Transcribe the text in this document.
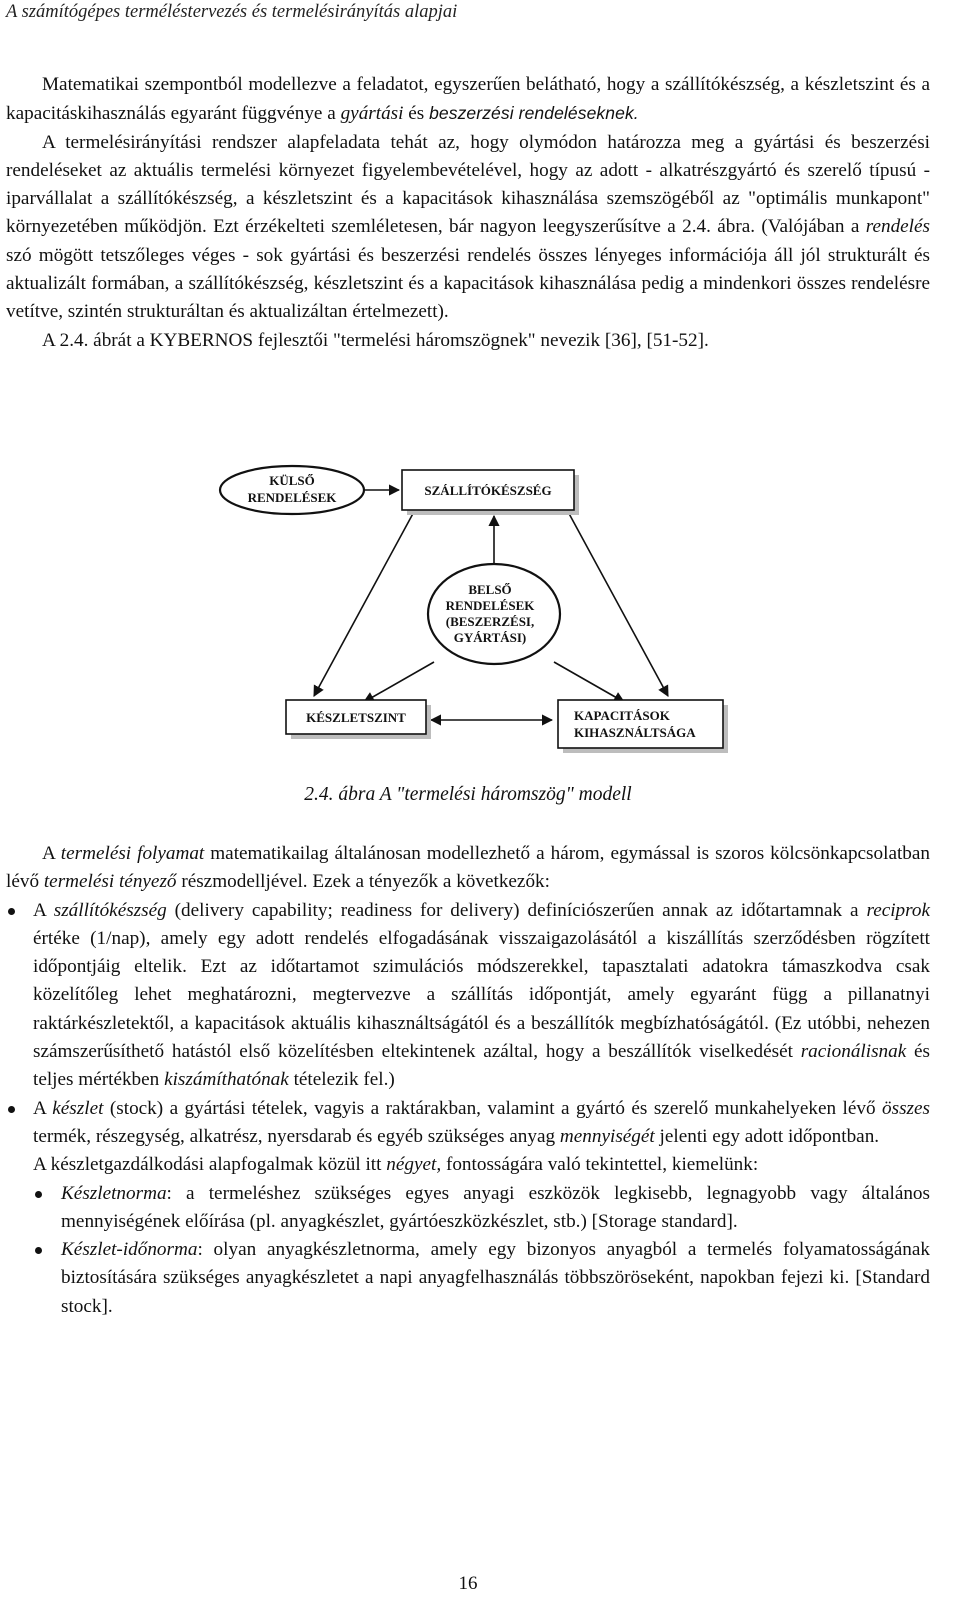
A számítógépes terméléstervezés és termelésirányítás alapjai

Matematikai szempontból modellezve a feladatot, egyszerűen belátható, hogy a szállítókészség, a készletszint és a kapacitáskihasználás egyaránt függvénye a gyártási és beszerzési rendeléseknek.

A termelésirányítási rendszer alapfeladata tehát az, hogy olymódon határozza meg a gyártási és beszerzési rendeléseket az aktuális termelési környezet figyelembevételével, hogy az adott - alkatrészgyártó és szerelő típusú - iparvállalat a szállítókészség, a készletszint és a kapacitások kihasználása szemszögéből az "optimális munkapont" környezetében működjön. Ezt érzékelteti szemléletesen, bár nagyon leegyszerűsítve a 2.4. ábra. (Valójában a rendelés szó mögött tetszőleges véges - sok gyártási és beszerzési rendelés összes lényeges információja áll jól strukturált és aktualizált formában, a szállítókészség, készletszint és a kapacitások kihasználása pedig a mindenkori összes rendelésre vetítve, szintén strukturáltan és aktualizáltan értelmezett).

A 2.4. ábrát a KYBERNOS fejlesztői "termelési háromszögnek" nevezik [36], [51-52].

KÜLSŐ
RENDELÉSEK	SZÁLLÍTÓKÉSZSÉG
BELSŐ
RENDELÉSEK
(BESZERZÉSI,
GYÁRTÁSI)
KÉSZLETSZINT	KAPACITÁSOK
KIHASZNÁLTSÁGA
2.4. ábra A "termelési háromszög" modell

A termelési folyamat matematikailag általánosan modellezhető a három, egymással is szoros kölcsönkapcsolatban lévő termelési tényező részmodelljével. Ezek a tényezők a következők:

A szállítókészség (delivery capability; readiness for delivery) definíciószerűen annak az időtartamnak a reciprok értéke (1/nap), amely egy adott rendelés elfogadásának visszaigazolásától a kiszállítás szerződésben rögzített időpontjáig eltelik. Ezt az időtartamot szimulációs módszerekkel, tapasztalati adatokra támaszkodva csak közelítőleg lehet meghatározni, megtervezve a szállítás időpontját, amely egyaránt függ a pillanatnyi raktárkészletektől, a kapacitások aktuális kihasználtságától és a beszállítók megbízhatóságától. (Ez utóbbi, nehezen számszerűsíthető hatástól első közelítésben eltekintenek azáltal, hogy a beszállítók viselkedését racionálisnak és teljes mértékben kiszámíthatónak tételezik fel.)
A készlet (stock) a gyártási tételek, vagyis a raktárakban, valamint a gyártó és szerelő munkahelyeken lévő összes termék, részegység, alkatrész, nyersdarab és egyéb szükséges anyag mennyiségét jelenti egy adott időpontban.
A készletgazdálkodási alapfogalmak közül itt négyet, fontosságára való tekintettel, kiemelünk:
Készletnorma: a termeléshez szükséges egyes anyagi eszközök legkisebb, legnagyobb vagy általános mennyiségének előírása (pl. anyagkészlet, gyártóeszközkészlet, stb.) [Storage standard].
Készlet-időnorma: olyan anyagkészletnorma, amely egy bizonyos anyagból a termelés folyamatosságának biztosítására szükséges anyagkészletet a napi anyagfelhasználás többszöröseként, napokban fejezi ki. [Standard stock].
16
